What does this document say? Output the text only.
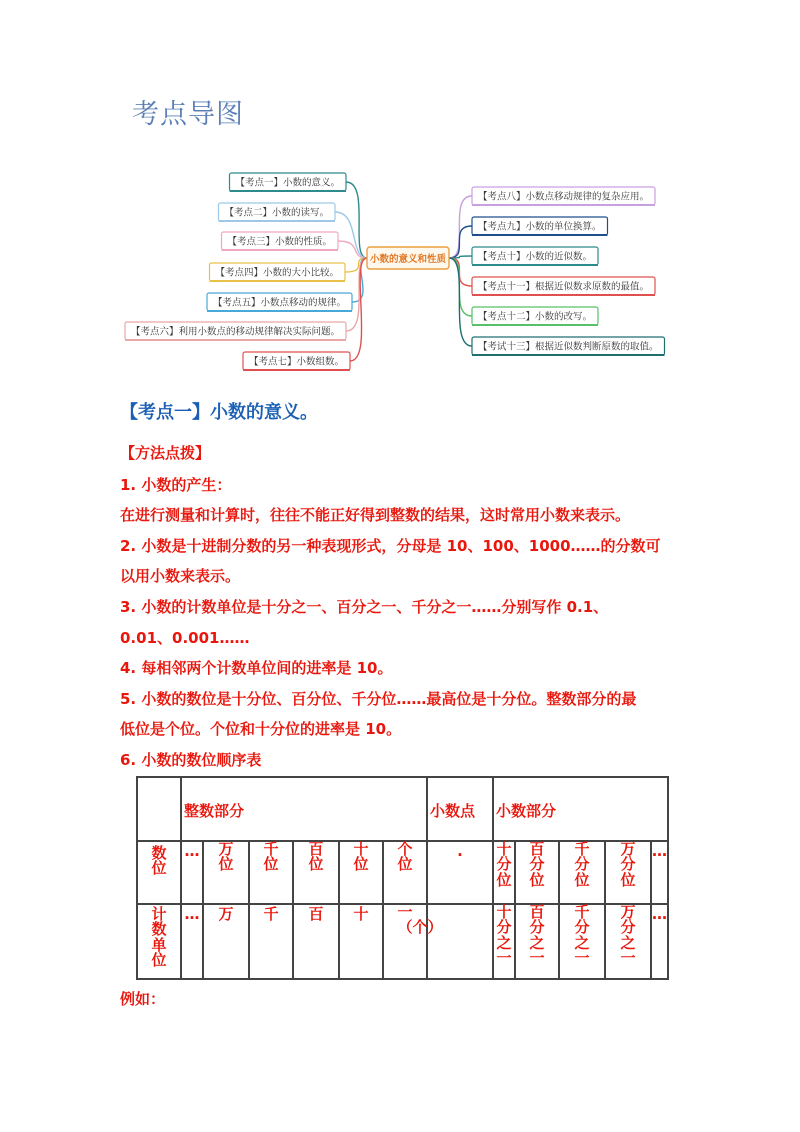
考点导图
【考点一】小数的意义。
【考点二】小数的读写。
【考点三】小数的性质。
【考点四】小数的大小比较。
【考点五】小数点移动的规律。
【考点六】利用小数点的移动规律解决实际问题。
【考点七】小数组数。
【考点八】小数点移动规律的复杂应用。
【考点九】小数的单位换算。
【考点十】小数的近似数。
【考点十一】根据近似数求原数的最值。
【考点十二】小数的改写。
【考试十三】根据近似数判断原数的取值。
小数的意义和性质
【考点一】小数的意义。
【方法点拨】
1. 小数的产生：
在进行测量和计算时，往往不能正好得到整数的结果，这时常用小数来表示。
2. 小数是十进制分数的另一种表现形式，分母是 10、100、1000……的分数可
以用小数来表示。
3. 小数的计数单位是十分之一、百分之一、千分之一……分别写作 0.1、
0.01、0.001……
4. 每相邻两个计数单位间的进率是 10。
5. 小数的数位是十分位、百分位、千分位……最高位是十分位。整数部分的最
低位是个位。个位和十分位的进率是 10。
6. 小数的数位顺序表
	整数部分						小数点	小数部分				
数位	…	万位	千位	百位	十位	个位	.	十分位	百分位	千分位	万分位	…
计数单位	…	万	千	百	十	一（个）		十分之一	百分之一	千分之一	万分之一	…
例如：
